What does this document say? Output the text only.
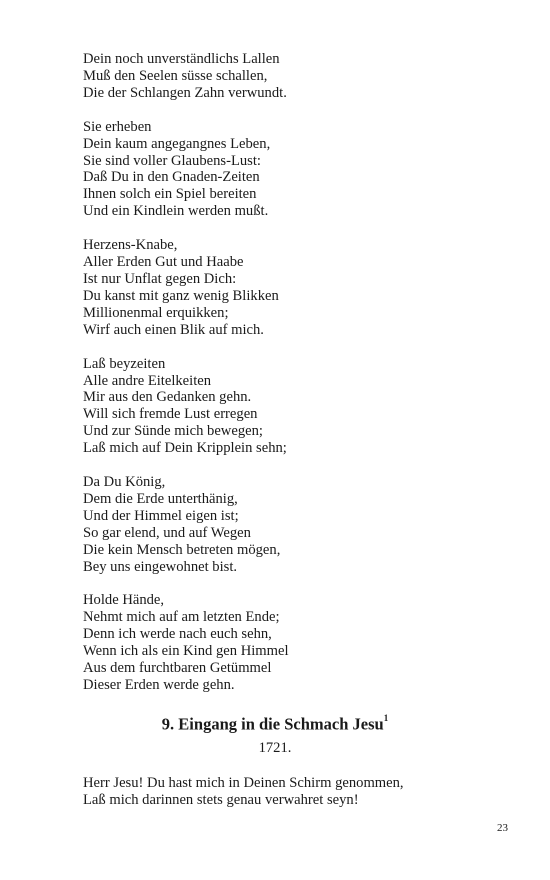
Dein noch unverständlichs Lallen
Muß den Seelen süsse schallen,
Die der Schlangen Zahn verwundt.
Sie erheben
Dein kaum angegangnes Leben,
Sie sind voller Glaubens-Lust:
Daß Du in den Gnaden-Zeiten
Ihnen solch ein Spiel bereiten
Und ein Kindlein werden mußt.
Herzens-Knabe,
Aller Erden Gut und Haabe
Ist nur Unflat gegen Dich:
Du kanst mit ganz wenig Blikken
Millionenmal erquikken;
Wirf auch einen Blik auf mich.
Laß beyzeiten
Alle andre Eitelkeiten
Mir aus den Gedanken gehn.
Will sich fremde Lust erregen
Und zur Sünde mich bewegen;
Laß mich auf Dein Kripplein sehn;
Da Du König,
Dem die Erde unterthänig,
Und der Himmel eigen ist;
So gar elend, und auf Wegen
Die kein Mensch betreten mögen,
Bey uns eingewohnet bist.
Holde Hände,
Nehmt mich auf am letzten Ende;
Denn ich werde nach euch sehn,
Wenn ich als ein Kind gen Himmel
Aus dem furchtbaren Getümmel
Dieser Erden werde gehn.
9. Eingang in die Schmach Jesu$^1$
1721.
Herr Jesu! Du hast mich in Deinen Schirm genommen,
Laß mich darinnen stets genau verwahret seyn!
23
